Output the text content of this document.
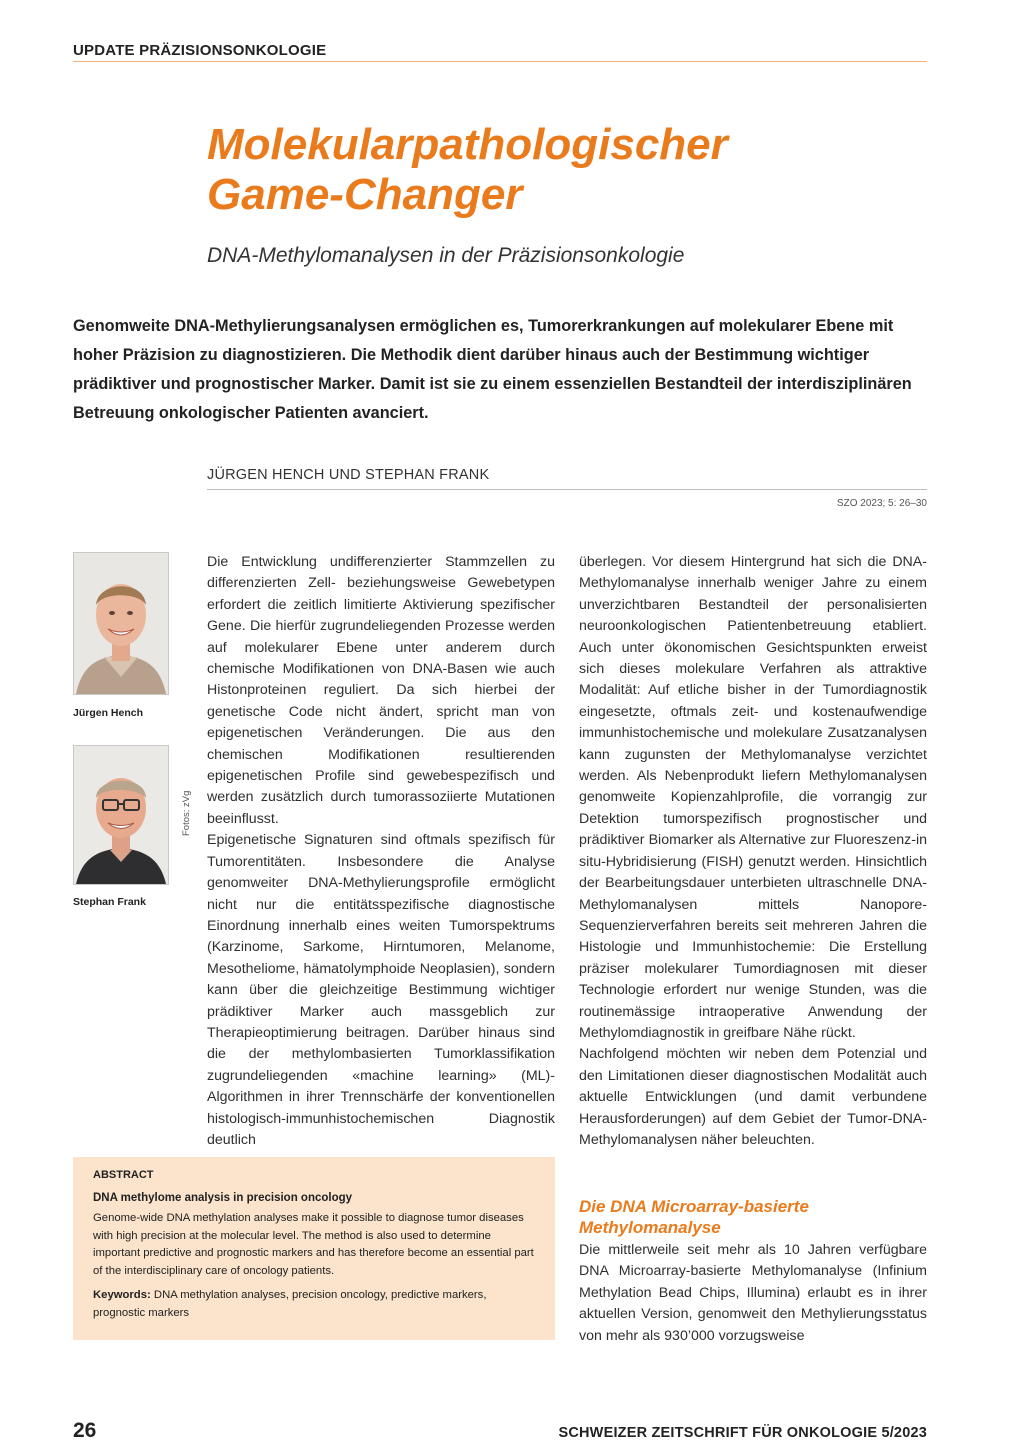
UPDATE PRÄZISIONSONKOLOGIE
Molekularpathologischer
Game-Changer
DNA-Methylomanalysen in der Präzisionsonkologie
Genomweite DNA-Methylierungsanalysen ermöglichen es, Tumorerkrankungen auf molekularer Ebene mit hoher Präzision zu diagnostizieren. Die Methodik dient darüber hinaus auch der Bestimmung wichtiger prädiktiver und prognostischer Marker. Damit ist sie zu einem essenziellen Bestandteil der interdisziplinären Betreuung onkologischer Patienten avanciert.
JÜRGEN HENCH UND STEPHAN FRANK
SZO 2023; 5: 26–30
Jürgen Hench
Stephan Frank
Fotos: zVg

Die Entwicklung undifferenzierter Stammzellen zu differenzierten Zell- beziehungsweise Gewebetypen erfordert die zeitlich limitierte Aktivierung spezifischer Gene. Die hierfür zugrundeliegenden Prozesse werden auf molekularer Ebene unter anderem durch chemische Modifikationen von DNA-Basen wie auch Histonproteinen reguliert. Da sich hierbei der genetische Code nicht ändert, spricht man von epigenetischen Veränderungen. Die aus den chemischen Modifikationen resultierenden epigenetischen Profile sind gewebespezifisch und werden zusätzlich durch tumorassoziierte Mutationen beeinflusst.

Epigenetische Signaturen sind oftmals spezifisch für Tumorentitäten. Insbesondere die Analyse genomweiter DNA-Methylierungsprofile ermöglicht nicht nur die entitätsspezifische diagnostische Einordnung innerhalb eines weiten Tumorspektrums (Karzinome, Sarkome, Hirntumoren, Melanome, Mesotheliome, hämatolymphoide Neoplasien), sondern kann über die gleichzeitige Bestimmung wichtiger prädiktiver Marker auch massgeblich zur Therapieoptimierung beitragen. Darüber hinaus sind die der methylombasierten Tumorklassifikation zugrundeliegenden «machine learning» (ML)-Algorithmen in ihrer Trennschärfe der konventionellen histologisch-immunhistochemischen Diagnostik deutlich

ABSTRACT
DNA methylome analysis in precision oncology
Genome-wide DNA methylation analyses make it possible to diagnose tumor diseases with high precision at the molecular level. The method is also used to determine important predictive and prognostic markers and has therefore become an essential part of the interdisciplinary care of oncology patients.
Keywords: DNA methylation analyses, precision oncology, predictive markers, prognostic markers

überlegen. Vor diesem Hintergrund hat sich die DNA-Methylomanalyse innerhalb weniger Jahre zu einem unverzichtbaren Bestandteil der personalisierten neuroonkologischen Patientenbetreuung etabliert. Auch unter ökonomischen Gesichtspunkten erweist sich dieses molekulare Verfahren als attraktive Modalität: Auf etliche bisher in der Tumordiagnostik eingesetzte, oftmals zeit- und kostenaufwendige immunhistochemische und molekulare Zusatzanalysen kann zugunsten der Methylomanalyse verzichtet werden. Als Nebenprodukt liefern Methylomanalysen genomweite Kopienzahlprofile, die vorrangig zur Detektion tumorspezifisch prognostischer und prädiktiver Biomarker als Alternative zur Fluoreszenz-in situ-Hybridisierung (FISH) genutzt werden. Hinsichtlich der Bearbeitungsdauer unterbieten ultraschnelle DNA-Methylomanalysen mittels Nanopore-Sequenzierverfahren bereits seit mehreren Jahren die Histologie und Immunhistochemie: Die Erstellung präziser molekularer Tumordiagnosen mit dieser Technologie erfordert nur wenige Stunden, was die routinemässige intraoperative Anwendung der Methylomdiagnostik in greifbare Nähe rückt.

Nachfolgend möchten wir neben dem Potenzial und den Limitationen dieser diagnostischen Modalität auch aktuelle Entwicklungen (und damit verbundene Herausforderungen) auf dem Gebiet der Tumor-DNA-Methylomanalysen näher beleuchten.

Die DNA Microarray-basierte Methylomanalyse

Die mittlerweile seit mehr als 10 Jahren verfügbare DNA Microarray-basierte Methylomanalyse (Infinium Methylation Bead Chips, Illumina) erlaubt es in ihrer aktuellen Version, genomweit den Methylierungsstatus von mehr als 930’000 vorzugsweise

26	SCHWEIZER ZEITSCHRIFT FÜR ONKOLOGIE 5/2023
